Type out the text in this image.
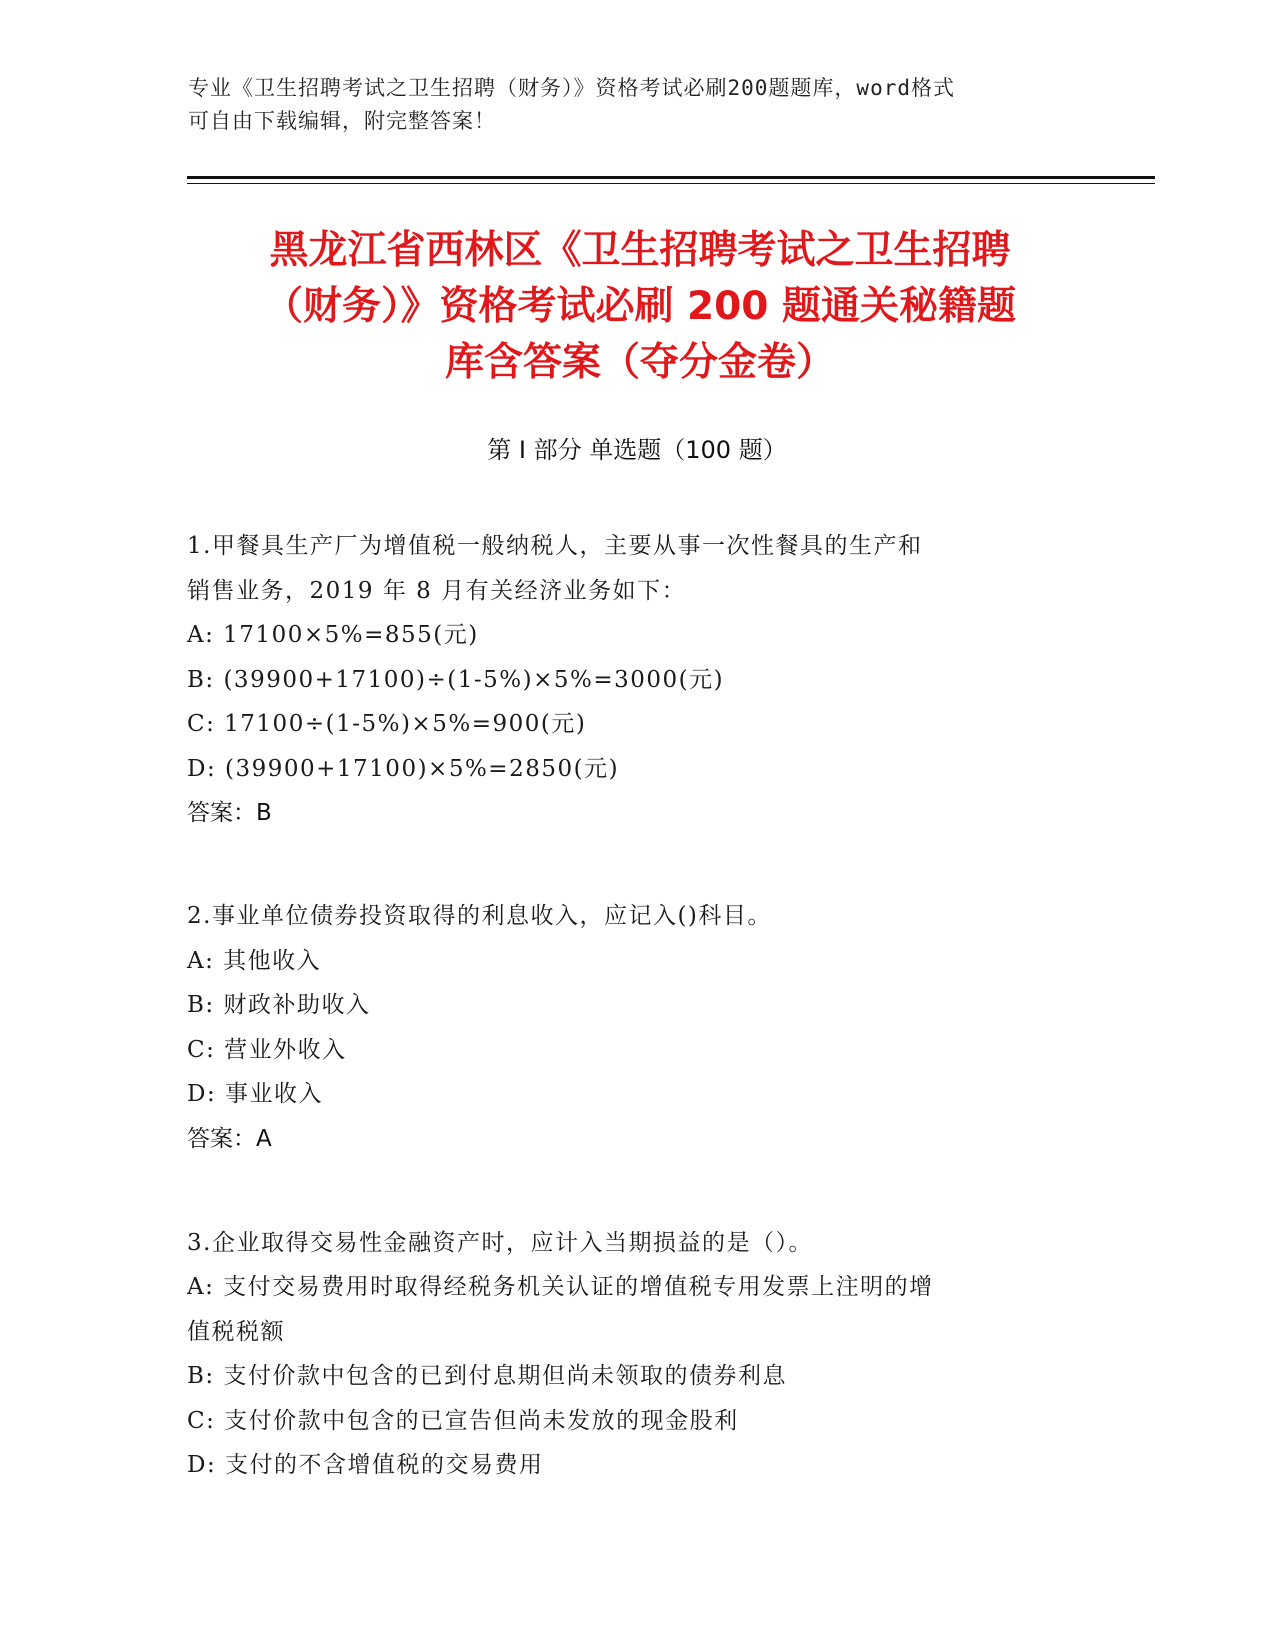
专业《卫生招聘考试之卫生招聘（财务）》资格考试必刷200题题库，word格式
可自由下载编辑，附完整答案！
黑龙江省西林区《卫生招聘考试之卫生招聘
（财务）》资格考试必刷 200 题通关秘籍题
库含答案（夺分金卷）
第 I 部分 单选题（100 题）
1.甲餐具生产厂为增值税一般纳税人，主要从事一次性餐具的生产和
销售业务，2019 年 8 月有关经济业务如下：
A: 17100×5%=855(元)
B: (39900+17100)÷(1-5%)×5%=3000(元)
C: 17100÷(1-5%)×5%=900(元)
D: (39900+17100)×5%=2850(元)
答案：B
2.事业单位债券投资取得的利息收入，应记入()科目。
A: 其他收入
B: 财政补助收入
C: 营业外收入
D: 事业收入
答案：A
3.企业取得交易性金融资产时，应计入当期损益的是（）。
A: 支付交易费用时取得经税务机关认证的增值税专用发票上注明的增
值税税额
B: 支付价款中包含的已到付息期但尚未领取的债券利息
C: 支付价款中包含的已宣告但尚未发放的现金股利
D: 支付的不含增值税的交易费用
